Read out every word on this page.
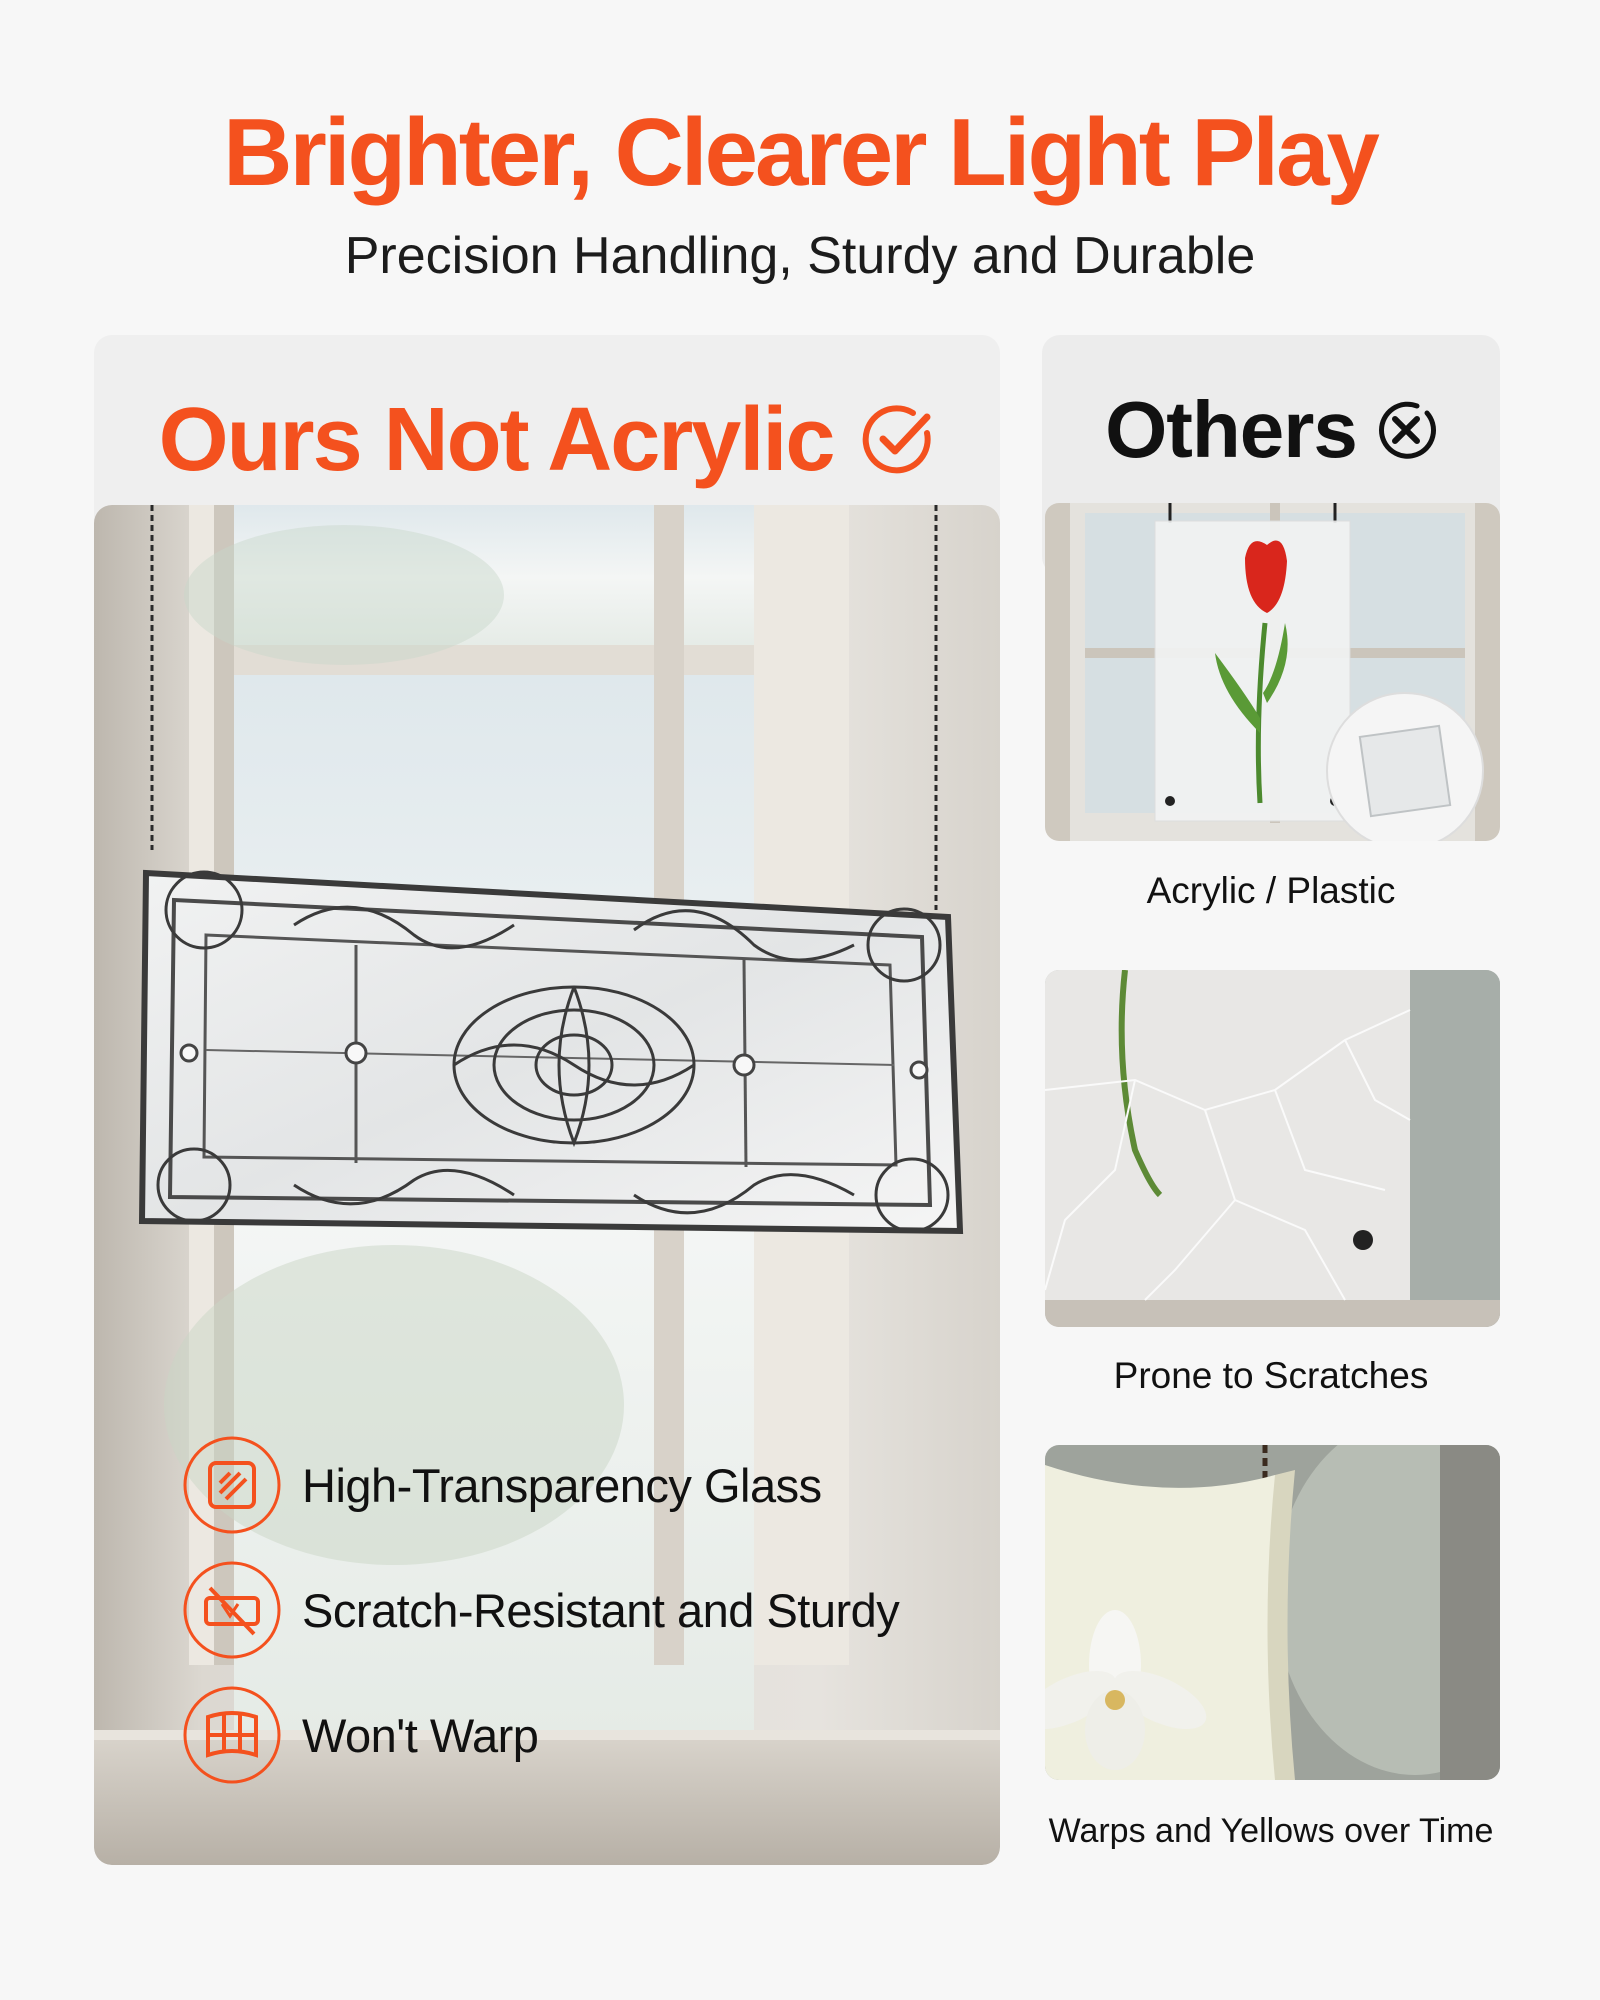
Brighter, Clearer Light Play
Precision Handling, Sturdy and Durable
Ours Not Acrylic
High-Transparency Glass
Scratch-Resistant and Sturdy
Won't Warp
Others
Acrylic / Plastic
Prone to Scratches
Warps and Yellows over Time
